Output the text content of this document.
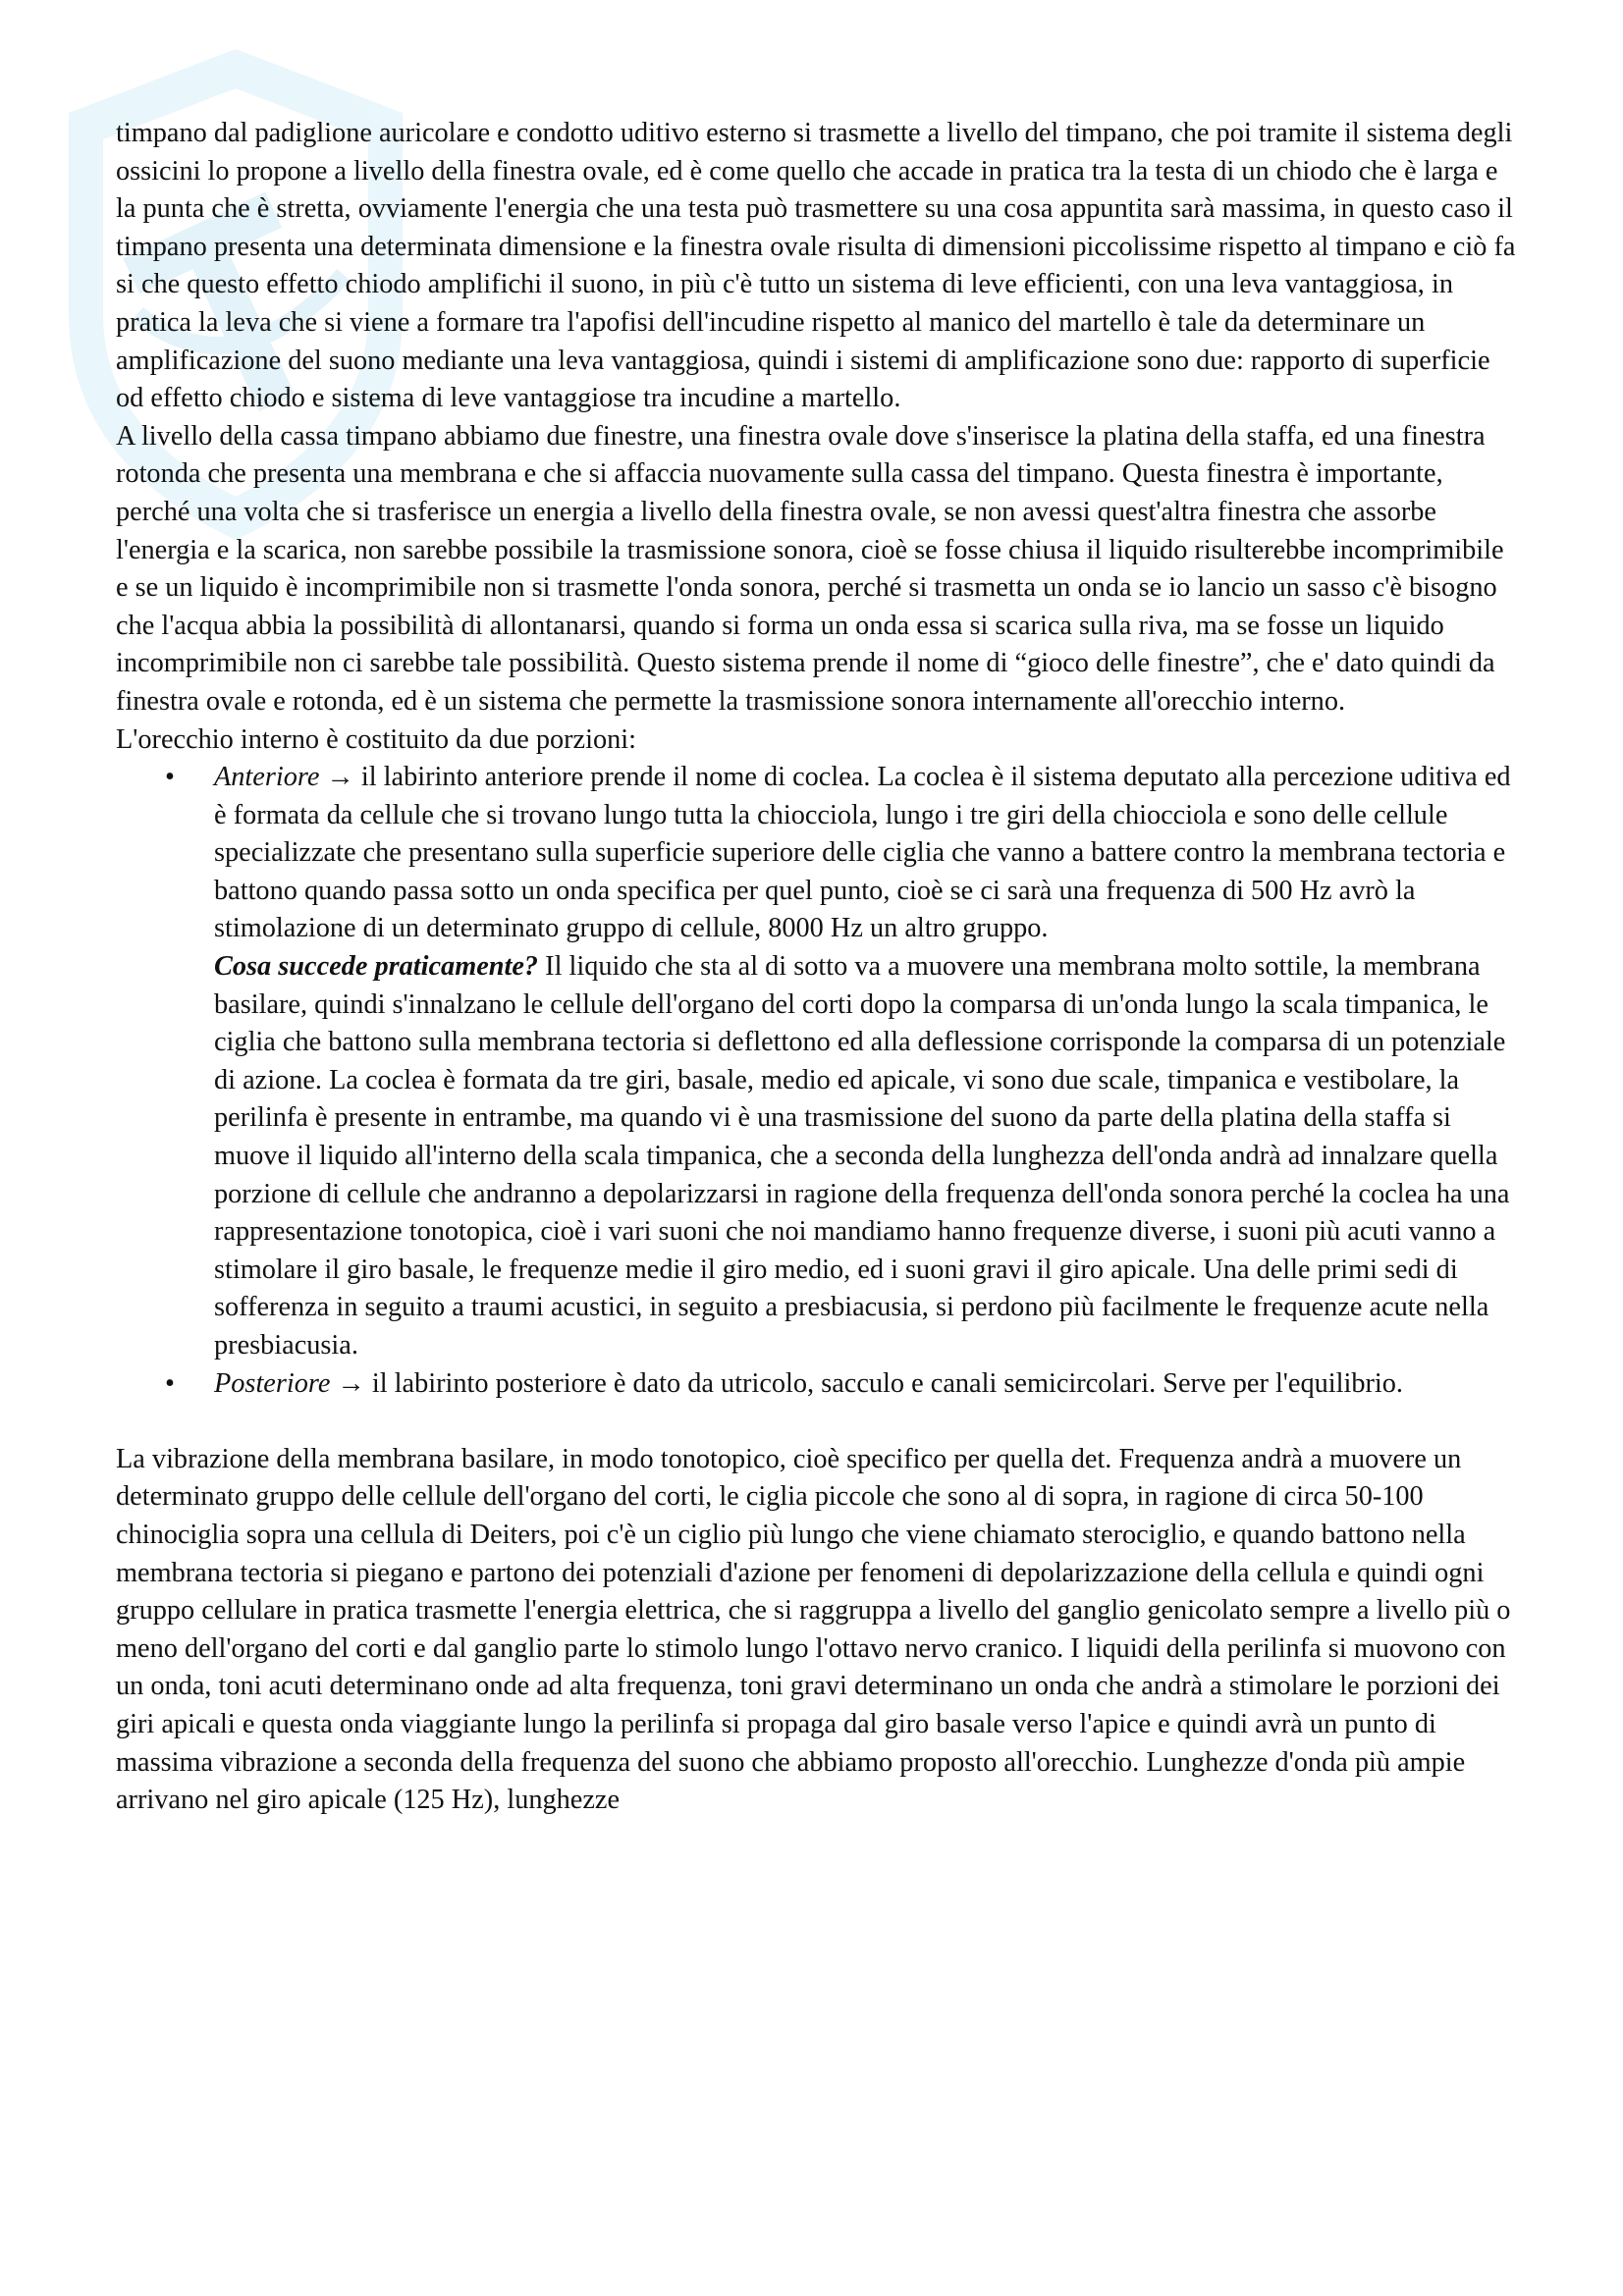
timpano dal padiglione auricolare e condotto uditivo esterno si trasmette a livello del timpano, che poi tramite il sistema degli ossicini lo propone a livello della finestra ovale, ed è come quello che accade in pratica tra la testa di un chiodo che è larga e la punta che è stretta, ovviamente l'energia che una testa può trasmettere su una cosa appuntita sarà massima, in questo caso il timpano presenta una determinata dimensione e la finestra ovale risulta di dimensioni piccolissime rispetto al timpano e ciò fa si che questo effetto chiodo amplifichi il suono, in più c'è tutto un sistema di leve efficienti, con una leva vantaggiosa, in pratica la leva che si viene a formare tra l'apofisi dell'incudine rispetto al manico del martello è tale da determinare un amplificazione del suono mediante una leva vantaggiosa, quindi i sistemi di amplificazione sono due: rapporto di superficie od effetto chiodo e sistema di leve vantaggiose tra incudine a martello.

A livello della cassa timpano abbiamo due finestre, una finestra ovale dove s'inserisce la platina della staffa, ed una finestra rotonda che presenta una membrana e che si affaccia nuovamente sulla cassa del timpano. Questa finestra è importante, perché una volta che si trasferisce un energia a livello della finestra ovale, se non avessi quest'altra finestra che assorbe l'energia e la scarica, non sarebbe possibile la trasmissione sonora, cioè se fosse chiusa il liquido risulterebbe incomprimibile e se un liquido è incomprimibile non si trasmette l'onda sonora, perché si trasmetta un onda se io lancio un sasso c'è bisogno che l'acqua abbia la possibilità di allontanarsi, quando si forma un onda essa si scarica sulla riva, ma se fosse un liquido incomprimibile non ci sarebbe tale possibilità. Questo sistema prende il nome di “gioco delle finestre”, che e' dato quindi da finestra ovale e rotonda, ed è un sistema che permette la trasmissione sonora internamente all'orecchio interno.

L'orecchio interno è costituito da due porzioni:

• Anteriore → il labirinto anteriore prende il nome di coclea. La coclea è il sistema deputato alla percezione uditiva ed è formata da cellule che si trovano lungo tutta la chiocciola, lungo i tre giri della chiocciola e sono delle cellule specializzate che presentano sulla superficie superiore delle ciglia che vanno a battere contro la membrana tectoria e battono quando passa sotto un onda specifica per quel punto, cioè se ci sarà una frequenza di 500 Hz avrò la stimolazione di un determinato gruppo di cellule, 8000 Hz un altro gruppo.
Cosa succede praticamente? Il liquido che sta al di sotto va a muovere una membrana molto sottile, la membrana basilare, quindi s'innalzano le cellule dell'organo del corti dopo la comparsa di un'onda lungo la scala timpanica, le ciglia che battono sulla membrana tectoria si deflettono ed alla deflessione corrisponde la comparsa di un potenziale di azione. La coclea è formata da tre giri, basale, medio ed apicale, vi sono due scale, timpanica e vestibolare, la perilinfa è presente in entrambe, ma quando vi è una trasmissione del suono da parte della platina della staffa si muove il liquido all'interno della scala timpanica, che a seconda della lunghezza dell'onda andrà ad innalzare quella porzione di cellule che andranno a depolarizzarsi in ragione della frequenza dell'onda sonora perché la coclea ha una rappresentazione tonotopica, cioè i vari suoni che noi mandiamo hanno frequenze diverse, i suoni più acuti vanno a stimolare il giro basale, le frequenze medie il giro medio, ed i suoni gravi il giro apicale. Una delle primi sedi di sofferenza in seguito a traumi acustici, in seguito a presbiacusia, si perdono più facilmente le frequenze acute nella presbiacusia.
• Posteriore → il labirinto posteriore è dato da utricolo, sacculo e canali semicircolari. Serve per l'equilibrio.

La vibrazione della membrana basilare, in modo tonotopico, cioè specifico per quella det. Frequenza andrà a muovere un determinato gruppo delle cellule dell'organo del corti, le ciglia piccole che sono al di sopra, in ragione di circa 50-100 chinociglia sopra una cellula di Deiters, poi c'è un ciglio più lungo che viene chiamato sterociglio, e quando battono nella membrana tectoria si piegano e partono dei potenziali d'azione per fenomeni di depolarizzazione della cellula e quindi ogni gruppo cellulare in pratica trasmette l'energia elettrica, che si raggruppa a livello del ganglio genicolato sempre a livello più o meno dell'organo del corti e dal ganglio parte lo stimolo lungo l'ottavo nervo cranico. I liquidi della perilinfa si muovono con un onda, toni acuti determinano onde ad alta frequenza, toni gravi determinano un onda che andrà a stimolare le porzioni dei giri apicali e questa onda viaggiante lungo la perilinfa si propaga dal giro basale verso l'apice e quindi avrà un punto di massima vibrazione a seconda della frequenza del suono che abbiamo proposto all'orecchio. Lunghezze d'onda più ampie arrivano nel giro apicale (125 Hz), lunghezze
